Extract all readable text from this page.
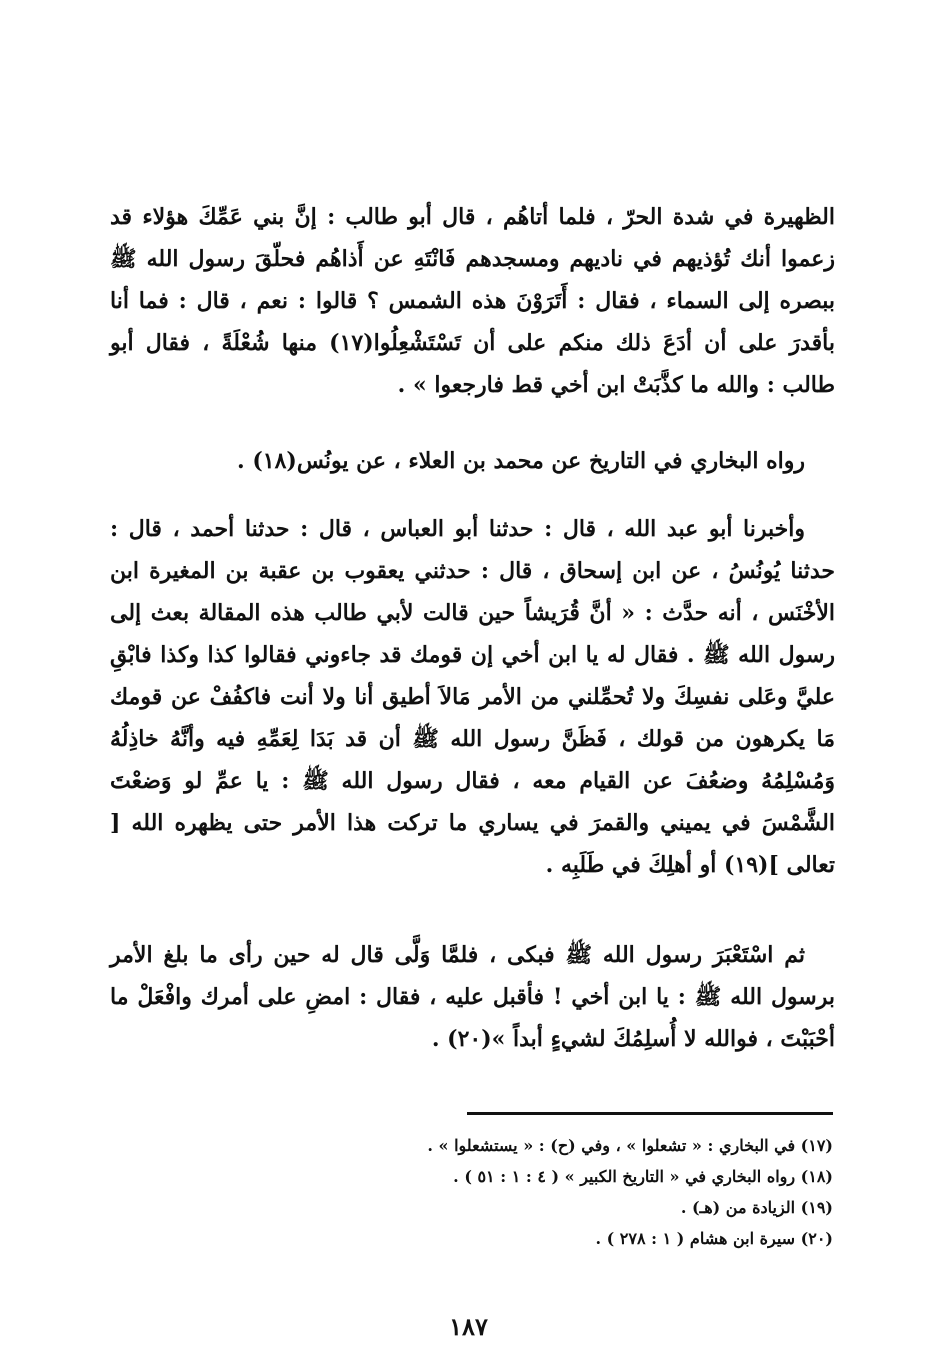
الظهيرة في شدة الحرّ ، فلما أتاهُم ، قال أبو طالب : إنَّ بني عَمِّكَ هؤلاء قد زعموا أنك تُؤذيهم في ناديهم ومسجدهم فَانْتَهِ عن أَذاهُم فحلّقَ رسول الله ﷺ ببصره إلى السماء ، فقال : أَتَرَوْنَ هذه الشمس ؟ قالوا : نعم ، قال : فما أنا بأقدرَ على أن أدَعَ ذلك منكم على أن تَسْتَشْعِلُوا(١٧) منها شُعْلَةً ، فقال أبو طالب : والله ما كذَّبَتْ ابن أخي قط فارجعوا » .

رواه البخاري في التاريخ عن محمد بن العلاء ، عن يونُس(١٨) .

وأخبرنا أبو عبد الله ، قال : حدثنا أبو العباس ، قال : حدثنا أحمد ، قال : حدثنا يُونُسُ ، عن ابن إسحاق ، قال : حدثني يعقوب بن عقبة بن المغيرة ابن الأخْنَس ، أنه حدَّث : « أنَّ قُرَيشاً حين قالت لأبي طالب هذه المقالة بعث إلى رسول الله ﷺ . فقال له يا ابن أخي إن قومك قد جاءوني فقالوا كذا وكذا فابْقِ عليَّ وعَلى نفسِكَ ولا تُحمِّلني من الأمر مَالاَ أطيق أنا ولا أنت فاكفُفْ عن قومك مَا يكرهون من قولك ، فَظَنَّ رسول الله ﷺ أن قد بَدَا لِعَمِّهِ فيه وأنَّهُ خاذِلُهُ وَمُسْلِمُهُ وضعُفَ عن القيام معه ، فقال رسول الله ﷺ : يا عمِّ لو وَضعْتَ الشَّمْسَ في يميني والقمرَ في يساري ما تركت هذا الأمر حتى يظهره الله [ تعالى ](١٩) أو أهلِكَ في طَلَبِه .

ثم اسْتَعْبَرَ رسول الله ﷺ فبكى ، فلمَّا وَلَّى قال له حين رأى ما بلغ الأمر برسول الله ﷺ : يا ابن أخي ! فأقبل عليه ، فقال : امضِ على أمرك وافْعَلْ ما أحْبَبْتَ ، فوالله لا أُسلِمُكَ لشيءٍ أبداً »(٢٠) .

(١٧) في البخاري : « تشعلوا » ، وفي (ح) : « يستشعلوا » .

(١٨) رواه البخاري في « التاريخ الكبير » ( ٤ : ١ : ٥١ ) .

(١٩) الزيادة من (هـ) .

(٢٠) سيرة ابن هشام ( ١ : ٢٧٨ ) .

١٨٧
